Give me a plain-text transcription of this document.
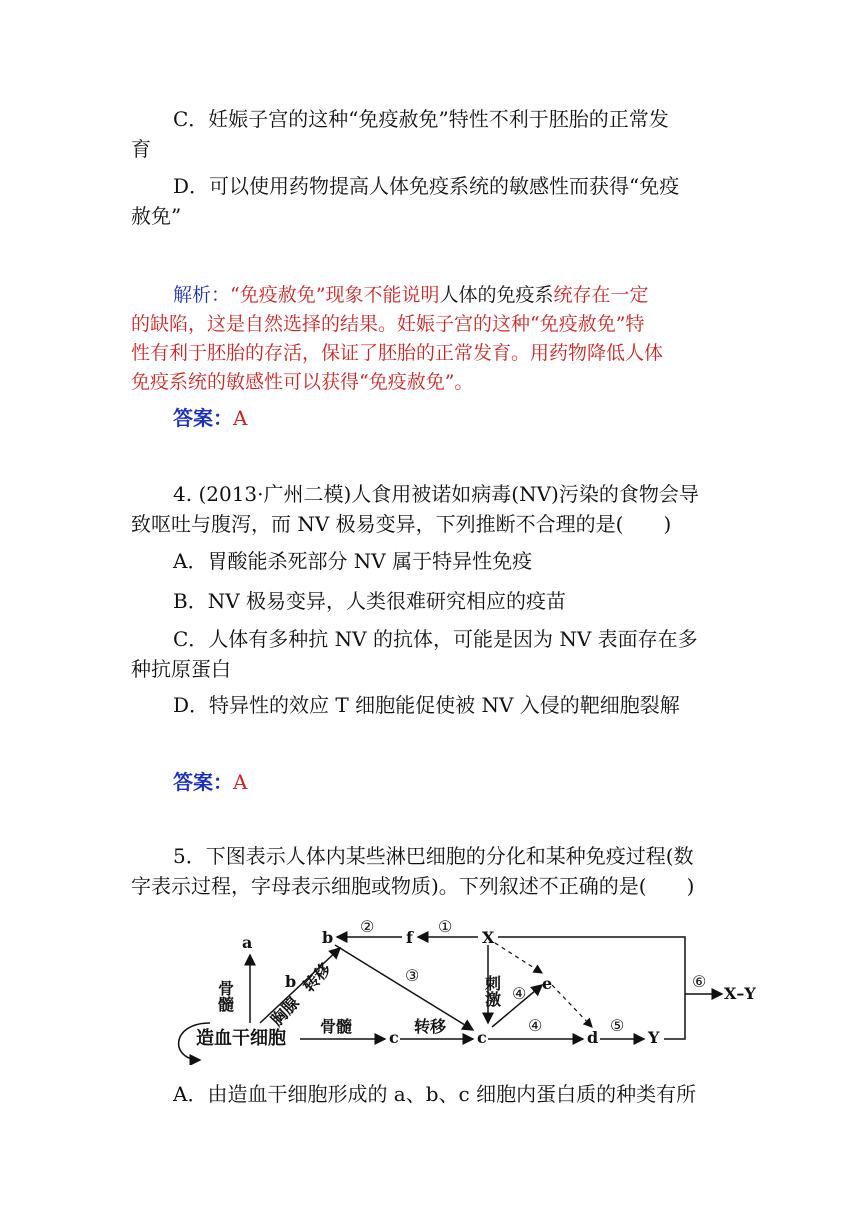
C．妊娠子宫的这种“免疫赦免”特性不利于胚胎的正常发
育
D．可以使用药物提高人体免疫系统的敏感性而获得“免疫
赦免”
解析：“免疫赦免”现象不能说明人体的免疫系统存在一定
的缺陷，这是自然选择的结果。妊娠子宫的这种“免疫赦免”特
性有利于胚胎的存活，保证了胚胎的正常发育。用药物降低人体
免疫系统的敏感性可以获得“免疫赦免”。
答案：A
4. (2013·广州二模)人食用被诺如病毒(NV)污染的食物会导
致呕吐与腹泻，而 NV 极易变异，下列推断不合理的是(　　)
A．胃酸能杀死部分 NV 属于特异性免疫
B．NV 极易变异，人类很难研究相应的疫苗
C．人体有多种抗 NV 的抗体，可能是因为 NV 表面存在多
种抗原蛋白
D．特异性的效应 T 细胞能促使被 NV 入侵的靶细胞裂解
答案：A
5．下图表示人体内某些淋巴细胞的分化和某种免疫过程(数
字表示过程，字母表示细胞或物质)。下列叙述不正确的是(　　)
a	b	f	X
b	e
c	c	d	Y
X–Y
造血干细胞
骨髓 胸腺
转移
骨髓	转移
②	①
③	刺激 ④
④	⑤
⑥
A．由造血干细胞形成的 a、b、c 细胞内蛋白质的种类有所
